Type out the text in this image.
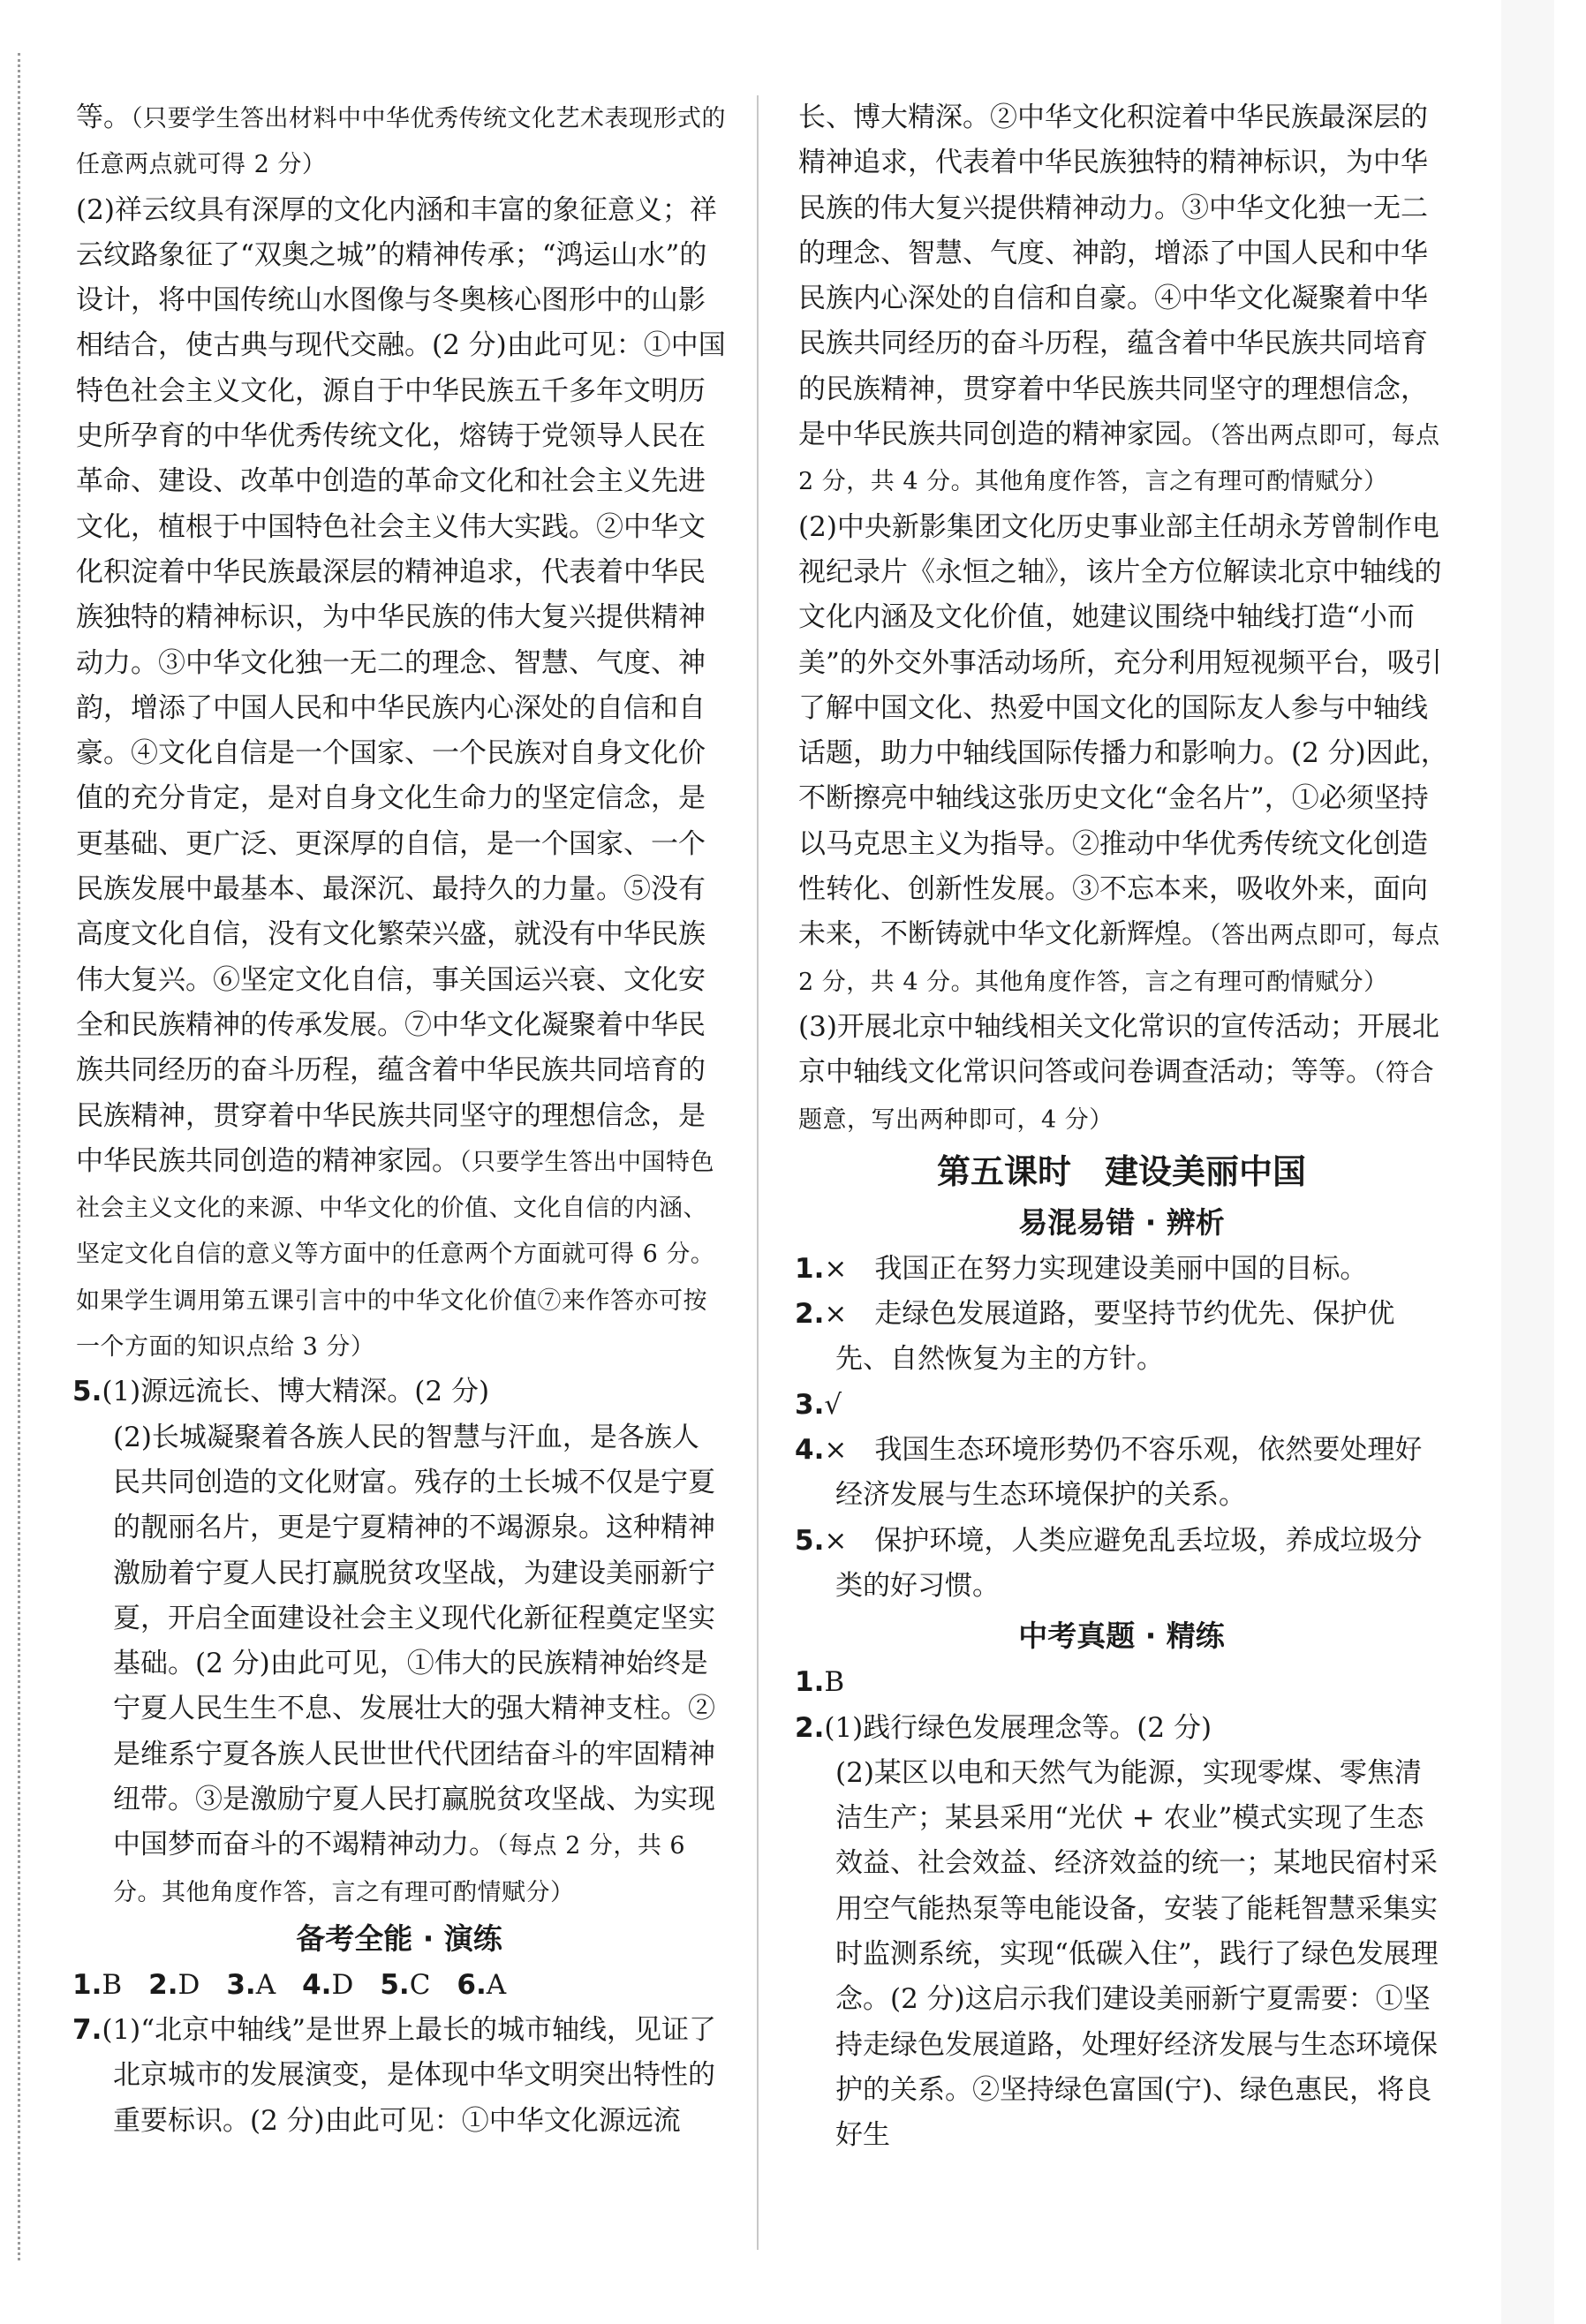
等。（只要学生答出材料中中华优秀传统文化艺术表现形式的任意两点就可得 2 分）

(2)祥云纹具有深厚的文化内涵和丰富的象征意义；祥云纹路象征了“双奥之城”的精神传承；“鸿运山水”的设计，将中国传统山水图像与冬奥核心图形中的山影相结合，使古典与现代交融。(2 分)由此可见：①中国特色社会主义文化，源自于中华民族五千多年文明历史所孕育的中华优秀传统文化，熔铸于党领导人民在革命、建设、改革中创造的革命文化和社会主义先进文化，植根于中国特色社会主义伟大实践。②中华文化积淀着中华民族最深层的精神追求，代表着中华民族独特的精神标识，为中华民族的伟大复兴提供精神动力。③中华文化独一无二的理念、智慧、气度、神韵，增添了中国人民和中华民族内心深处的自信和自豪。④文化自信是一个国家、一个民族对自身文化价值的充分肯定，是对自身文化生命力的坚定信念，是更基础、更广泛、更深厚的自信，是一个国家、一个民族发展中最基本、最深沉、最持久的力量。⑤没有高度文化自信，没有文化繁荣兴盛，就没有中华民族伟大复兴。⑥坚定文化自信，事关国运兴衰、文化安全和民族精神的传承发展。⑦中华文化凝聚着中华民族共同经历的奋斗历程，蕴含着中华民族共同培育的民族精神，贯穿着中华民族共同坚守的理想信念，是中华民族共同创造的精神家园。（只要学生答出中国特色社会主义文化的来源、中华文化的价值、文化自信的内涵、坚定文化自信的意义等方面中的任意两个方面就可得 6 分。如果学生调用第五课引言中的中华文化价值⑦来作答亦可按一个方面的知识点给 3 分）

5.(1)源远流长、博大精深。(2 分)

(2)长城凝聚着各族人民的智慧与汗血，是各族人民共同创造的文化财富。残存的土长城不仅是宁夏的靓丽名片，更是宁夏精神的不竭源泉。这种精神激励着宁夏人民打赢脱贫攻坚战，为建设美丽新宁夏，开启全面建设社会主义现代化新征程奠定坚实基础。(2 分)由此可见，①伟大的民族精神始终是宁夏人民生生不息、发展壮大的强大精神支柱。②是维系宁夏各族人民世世代代团结奋斗的牢固精神纽带。③是激励宁夏人民打赢脱贫攻坚战、为实现中国梦而奋斗的不竭精神动力。（每点 2 分，共 6 分。其他角度作答，言之有理可酌情赋分）

备考全能 · 演练

1.B 2.D 3.A 4.D 5.C 6.A

7.(1)“北京中轴线”是世界上最长的城市轴线，见证了北京城市的发展演变，是体现中华文明突出特性的重要标识。(2 分)由此可见：①中华文化源远流

长、博大精深。②中华文化积淀着中华民族最深层的精神追求，代表着中华民族独特的精神标识，为中华民族的伟大复兴提供精神动力。③中华文化独一无二的理念、智慧、气度、神韵，增添了中国人民和中华民族内心深处的自信和自豪。④中华文化凝聚着中华民族共同经历的奋斗历程，蕴含着中华民族共同培育的民族精神，贯穿着中华民族共同坚守的理想信念，是中华民族共同创造的精神家园。（答出两点即可，每点 2 分，共 4 分。其他角度作答，言之有理可酌情赋分）

(2)中央新影集团文化历史事业部主任胡永芳曾制作电视纪录片《永恒之轴》，该片全方位解读北京中轴线的文化内涵及文化价值，她建议围绕中轴线打造“小而美”的外交外事活动场所，充分利用短视频平台，吸引了解中国文化、热爱中国文化的国际友人参与中轴线话题，助力中轴线国际传播力和影响力。(2 分)因此，不断擦亮中轴线这张历史文化“金名片”，①必须坚持以马克思主义为指导。②推动中华优秀传统文化创造性转化、创新性发展。③不忘本来，吸收外来，面向未来，不断铸就中华文化新辉煌。（答出两点即可，每点 2 分，共 4 分。其他角度作答，言之有理可酌情赋分）

(3)开展北京中轴线相关文化常识的宣传活动；开展北京中轴线文化常识问答或问卷调查活动；等等。（符合题意，写出两种即可，4 分）

第五课时　建设美丽中国

易混易错 · 辨析

1.×　 我国正在努力实现建设美丽中国的目标。

2.×　 走绿色发展道路，要坚持节约优先、保护优先、自然恢复为主的方针。

3.√

4.×　 我国生态环境形势仍不容乐观，依然要处理好经济发展与生态环境保护的关系。

5.×　 保护环境，人类应避免乱丢垃圾，养成垃圾分类的好习惯。

中考真题 · 精练

1.B

2.(1)践行绿色发展理念等。(2 分)

(2)某区以电和天然气为能源，实现零煤、零焦清洁生产；某县采用“光伏 + 农业”模式实现了生态效益、社会效益、经济效益的统一；某地民宿村采用空气能热泵等电能设备，安装了能耗智慧采集实时监测系统，实现“低碳入住”，践行了绿色发展理念。(2 分)这启示我们建设美丽新宁夏需要：①坚持走绿色发展道路，处理好经济发展与生态环境保护的关系。②坚持绿色富国(宁)、绿色惠民，将良好生
